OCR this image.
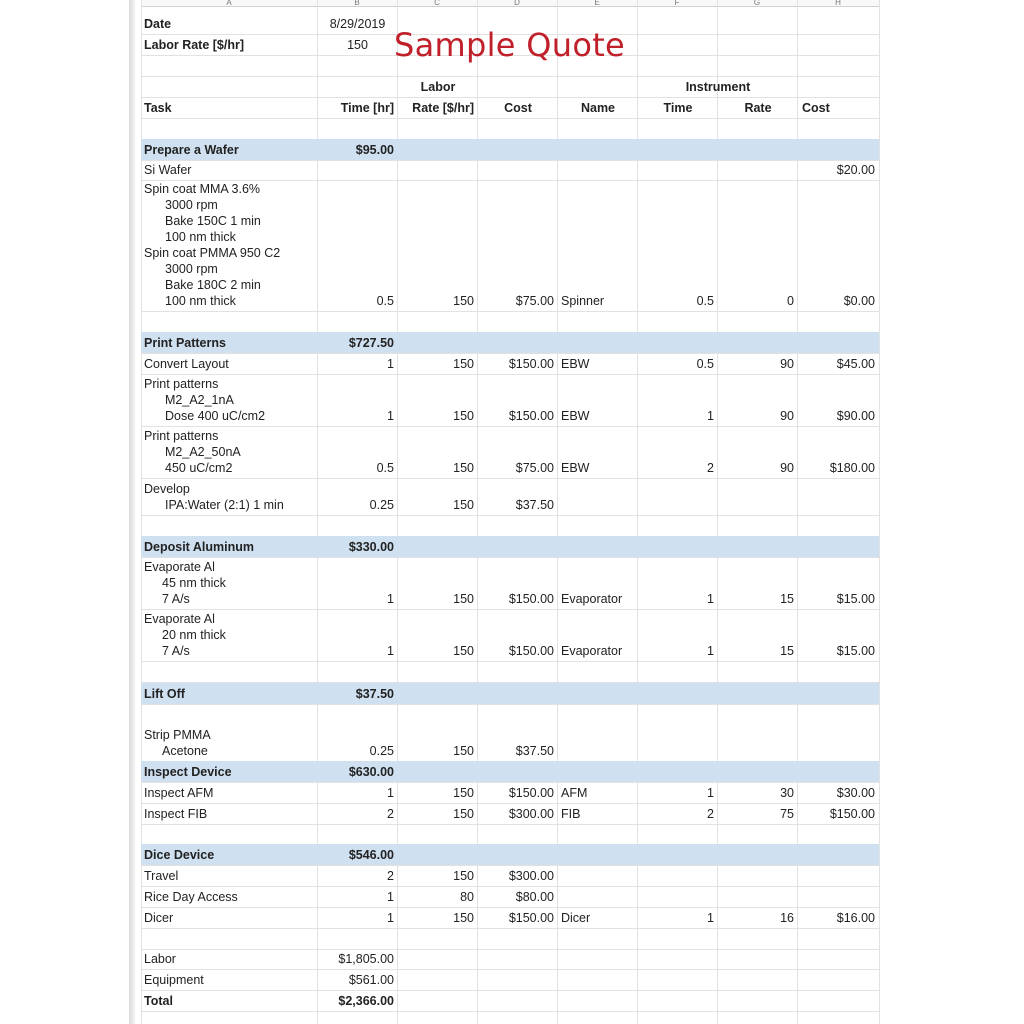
A	B	C	D	E	F	G	H
Date	8/29/2019
Labor Rate [$/hr]	150
Labor	Instrument
Task	Time [hr]	Rate [$/hr]	Cost	Name	Time	Rate	Cost
Prepare a Wafer	$95.00
Si Wafer	$20.00
Spin coat MMA 3.6%
3000 rpm
Bake 150C 1 min
100 nm thick
Spin coat PMMA 950 C2
3000 rpm
Bake 180C 2 min
100 nm thick	0.5	150	$75.00 Spinner	0.5	0	$0.00
Print Patterns	$727.50
Convert Layout	1	150	$150.00 EBW	0.5	90	$45.00
Print patterns
M2_A2_1nA
Dose 400 uC/cm2	1	150	$150.00 EBW	1	90	$90.00
Print patterns
M2_A2_50nA
450 uC/cm2	0.5	150	$75.00 EBW	2	90	$180.00
Develop
IPA:Water (2:1) 1 min	0.25	150	$37.50
Deposit Aluminum	$330.00
Evaporate Al
45 nm thick
7 A/s	1	150	$150.00 Evaporator	1	15	$15.00
Evaporate Al
20 nm thick
7 A/s	1	150	$150.00 Evaporator	1	15	$15.00
Lift Off	$37.50
Strip PMMA
Acetone	0.25	150	$37.50
Inspect Device	$630.00
Inspect AFM	1	150	$150.00 AFM	1	30	$30.00
Inspect FIB	2	150	$300.00 FIB	2	75	$150.00
Dice Device	$546.00
Travel	2	150	$300.00
Rice Day Access	1	80	$80.00
Dicer	1	150	$150.00 Dicer	1	16	$16.00
Labor	$1,805.00
Equipment	$561.00
Total	$2,366.00
Sample Quote
